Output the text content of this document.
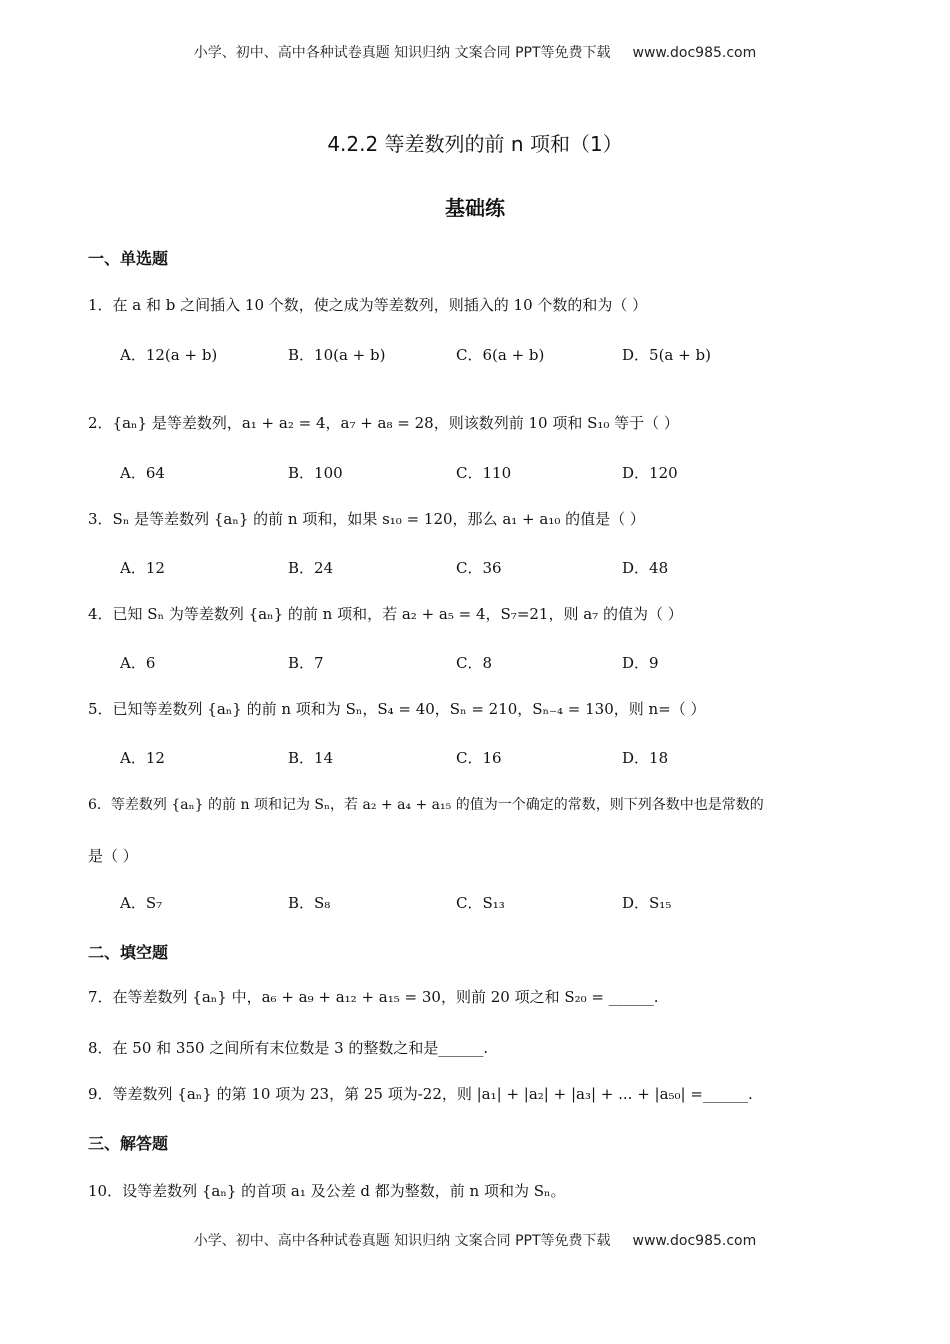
小学、初中、高中各种试卷真题 知识归纳 文案合同 PPT等免费下载 www.doc985.com
4.2.2 等差数列的前 n 项和（1）
基础练
一、单选题
1．在 a 和 b 之间插入 10 个数，使之成为等差数列，则插入的 10 个数的和为（ ）
A．12(a + b)	B．10(a + b)	C．6(a + b)	D．5(a + b)
2．{aₙ} 是等差数列，a₁ + a₂ = 4，a₇ + a₈ = 28，则该数列前 10 项和 S₁₀ 等于（ ）
A．64	B．100	C．110	D．120
3．Sₙ 是等差数列 {aₙ} 的前 n 项和，如果 s₁₀ = 120，那么 a₁ + a₁₀ 的值是（ ）
A．12	B．24	C．36	D．48
4．已知 Sₙ 为等差数列 {aₙ} 的前 n 项和，若 a₂ + a₅ = 4，S₇=21，则 a₇ 的值为（ ）
A．6	B．7	C．8	D．9
5．已知等差数列 {aₙ} 的前 n 项和为 Sₙ，S₄ = 40，Sₙ = 210，Sₙ₋₄ = 130，则 n=（ ）
A．12	B．14	C．16	D．18
6．等差数列 {aₙ} 的前 n 项和记为 Sₙ，若 a₂ + a₄ + a₁₅ 的值为一个确定的常数，则下列各数中也是常数的
是（ ）
A．S₇	B．S₈	C．S₁₃	D．S₁₅
二、填空题
7．在等差数列 {aₙ} 中，a₆ + a₉ + a₁₂ + a₁₅ = 30，则前 20 项之和 S₂₀ = ______.
8．在 50 和 350 之间所有末位数是 3 的整数之和是______.
9．等差数列 {aₙ} 的第 10 项为 23，第 25 项为-22，则 |a₁| + |a₂| + |a₃| + ... + |a₅₀| =______.
三、解答题
10．设等差数列 {aₙ} 的首项 a₁ 及公差 d 都为整数，前 n 项和为 Sₙ。
小学、初中、高中各种试卷真题 知识归纳 文案合同 PPT等免费下载 www.doc985.com
